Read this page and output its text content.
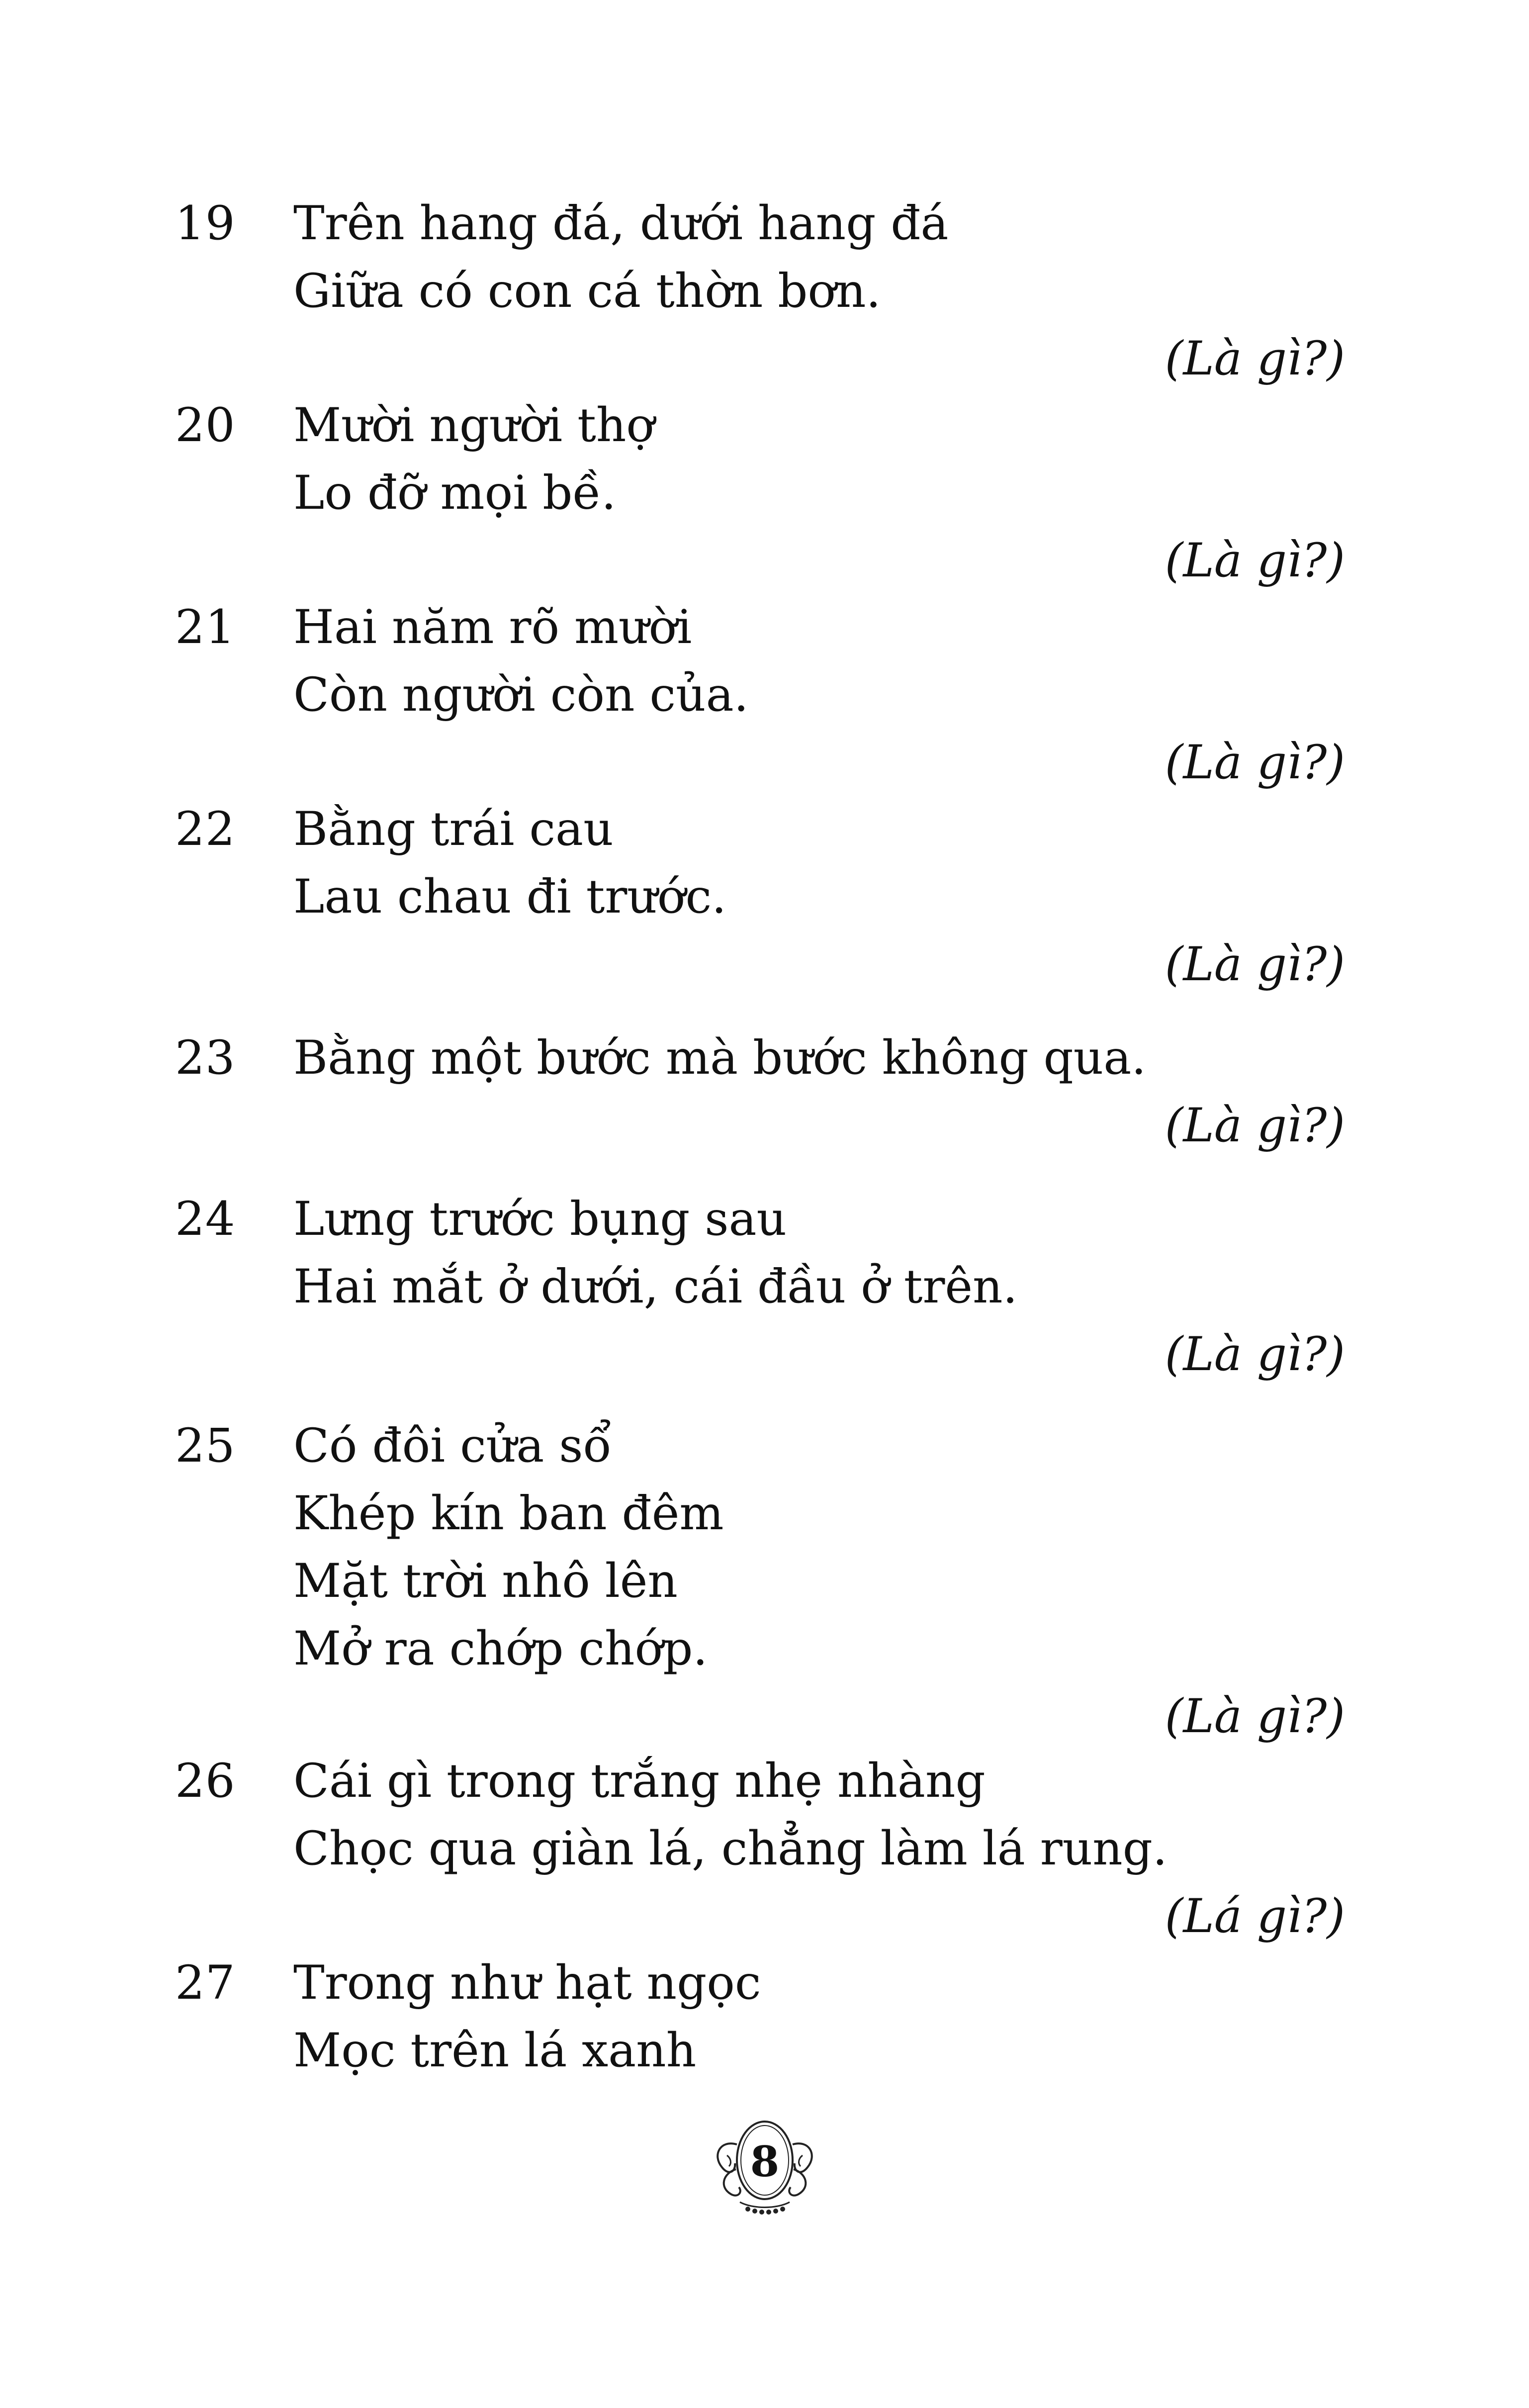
19 Trên hang đá, dưới hang đá
Giữa có con cá thờn bơn.
(Là gì?)
20 Mười người thợ
Lo đỡ mọi bề.
(Là gì?)
21 Hai năm rõ mười
Còn người còn của.
(Là gì?)
22 Bằng trái cau
Lau chau đi trước.
(Là gì?)
23 Bằng một bước mà bước không qua.
(Là gì?)
24 Lưng trước bụng sau
Hai mắt ở dưới, cái đầu ở trên.
(Là gì?)
25 Có đôi cửa sổ
Khép kín ban đêm
Mặt trời nhô lên
Mở ra chớp chớp.
(Là gì?)
26 Cái gì trong trắng nhẹ nhàng
Chọc qua giàn lá, chẳng làm lá rung.
(Lá gì?)
27 Trong như hạt ngọc
Mọc trên lá xanh
8
